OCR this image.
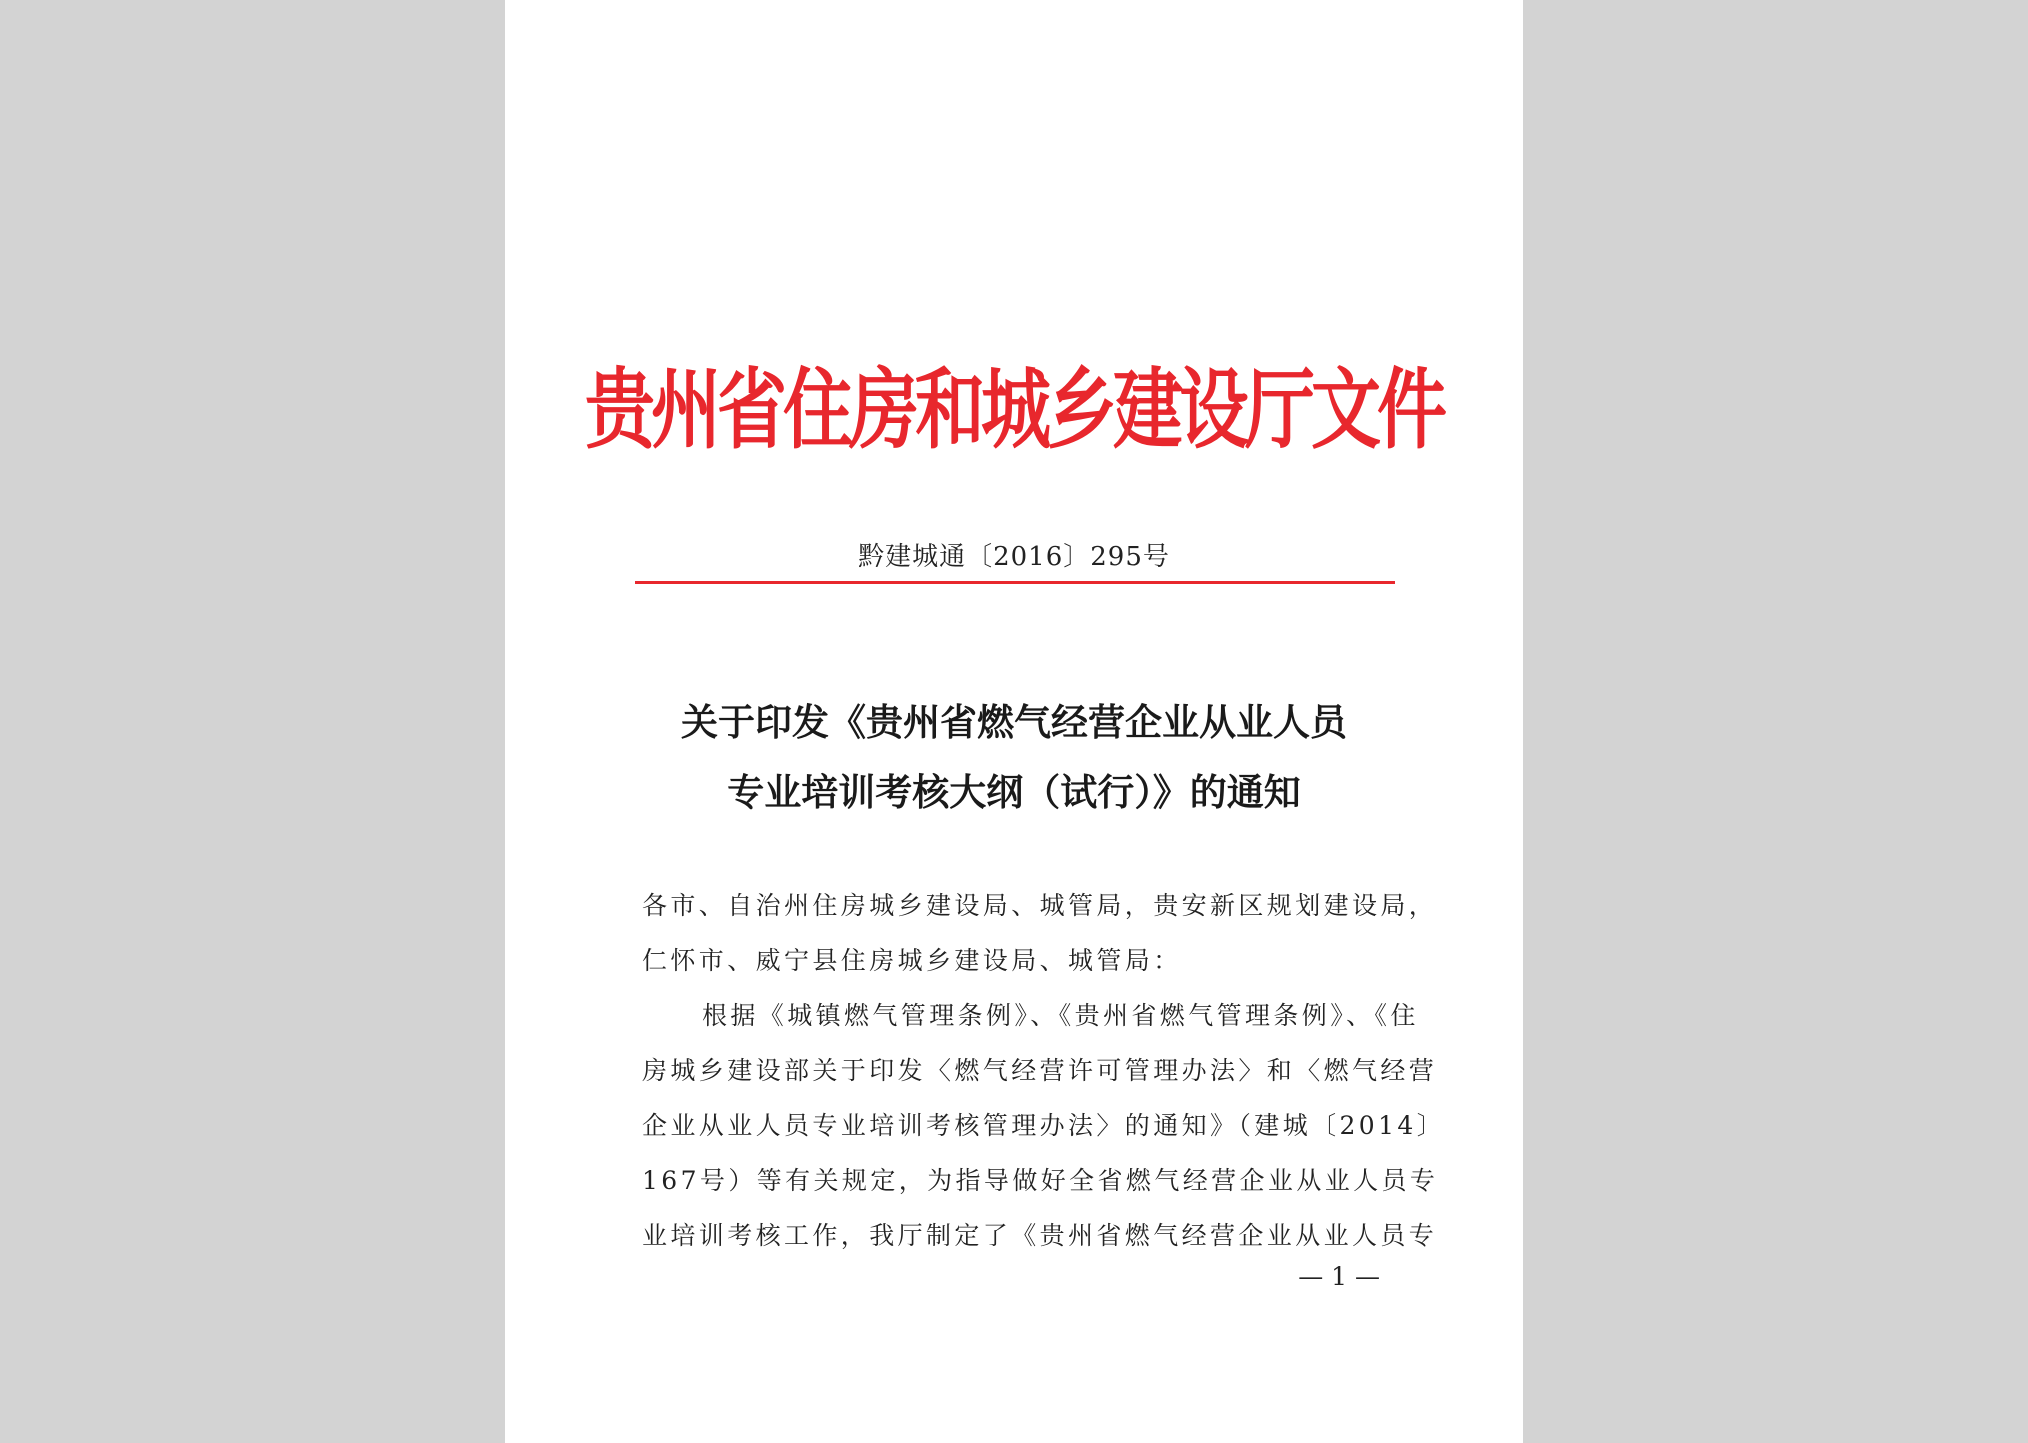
贵州省住房和城乡建设厅文件
黔建城通〔2016〕295号
关于印发《贵州省燃气经营企业从业人员
专业培训考核大纲（试行）》的通知
各市、自治州住房城乡建设局、城管局，贵安新区规划建设局，
仁怀市、威宁县住房城乡建设局、城管局：
根据《城镇燃气管理条例》、《贵州省燃气管理条例》、《住
房城乡建设部关于印发〈燃气经营许可管理办法〉和〈燃气经营
企业从业人员专业培训考核管理办法〉的通知》（建城〔2014〕
167号）等有关规定，为指导做好全省燃气经营企业从业人员专
业培训考核工作，我厅制定了《贵州省燃气经营企业从业人员专
— 1 —
